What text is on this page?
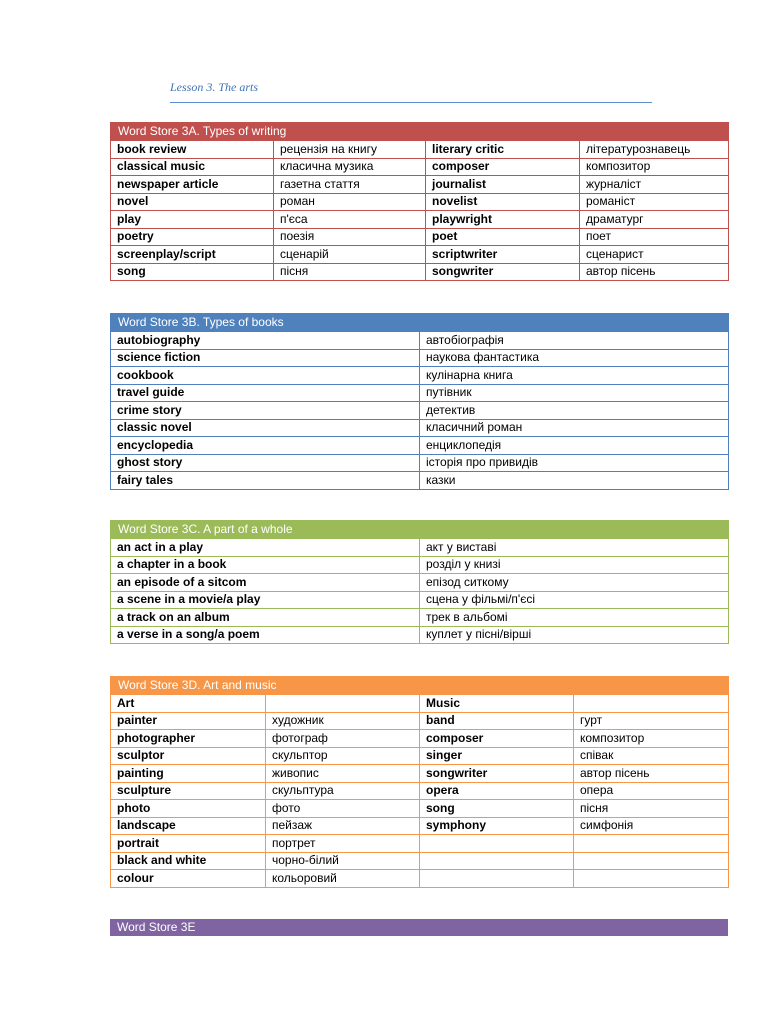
Lesson 3. The arts
Word Store 3A. Types of writing			
book review	рецензія на книгу	literary critic	літературознавець
classical music	класична музика	composer	композитор
newspaper article	газетна стаття	journalist	журналіст
novel	роман	novelist	романіст
play	п'єса	playwright	драматург
poetry	поезія	poet	поет
screenplay/script	сценарій	scriptwriter	сценарист
song	пісня	songwriter	автор пісень
Word Store 3B. Types of books	
autobiography	автобіографія
science fiction	наукова фантастика
cookbook	кулінарна книга
travel guide	путівник
crime story	детектив
classic novel	класичний роман
encyclopedia	енциклопедія
ghost story	історія про привидів
fairy tales	казки
Word Store 3C. A part of a whole	
an act in a play	акт у виставі
a chapter in a book	розділ у книзі
an episode of a sitcom	епізод ситкому
a scene in a movie/a play	сцена у фільмі/п'єсі
a track on an album	трек в альбомі
a verse in a song/a poem	куплет у пісні/вірші
Word Store 3D. Art and music			
Art		Music	
painter	художник	band	гурт
photographer	фотограф	composer	композитор
sculptor	скульптор	singer	співак
painting	живопис	songwriter	автор пісень
sculpture	скульптура	opera	опера
photo	фото	song	пісня
landscape	пейзаж	symphony	симфонія
portrait	портрет		
black and white	чорно-білий		
colour	кольоровий		
Word Store 3E
